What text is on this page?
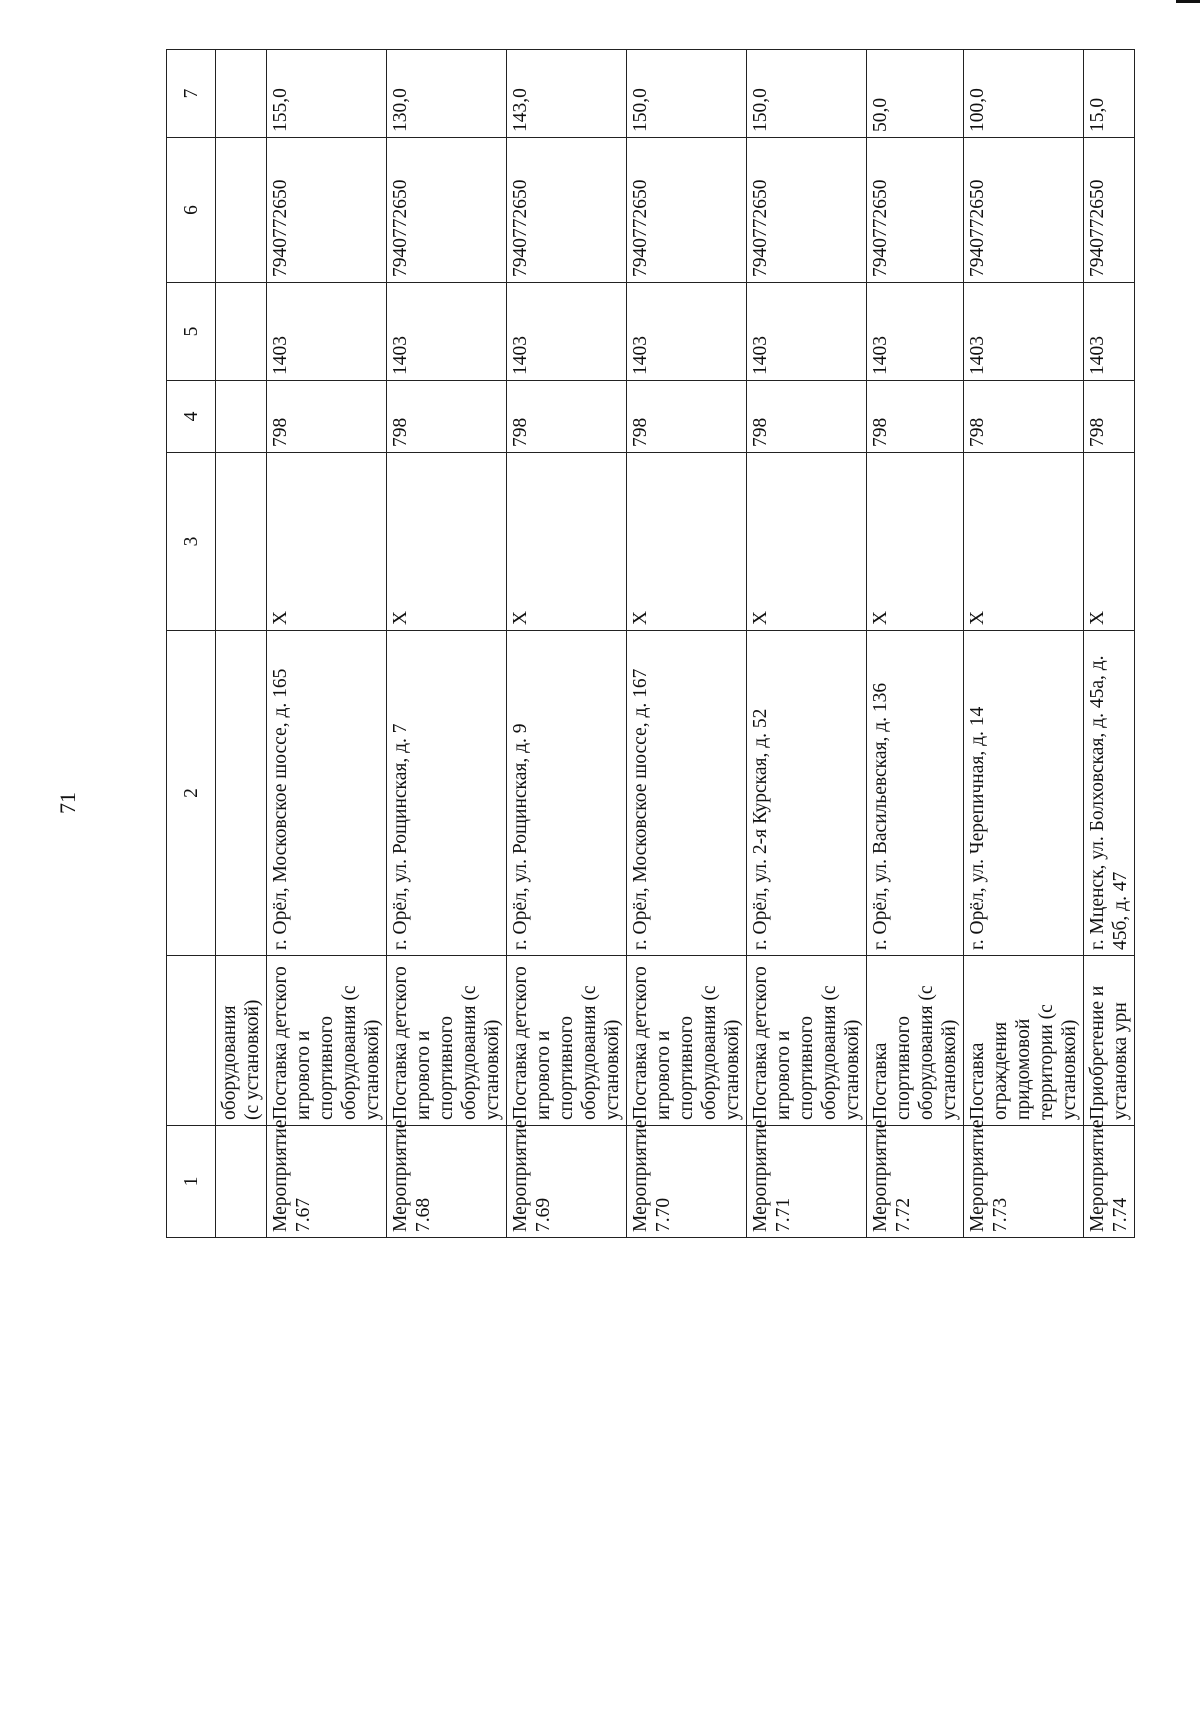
71
1		2	3	4	5	6	7
	оборудования
(с установкой)						
Мероприятие 7.67	Поставка детского игрового и спортивного оборудования (с установкой)	г. Орёл, Московское шоссе, д. 165	X	798	1403	7940772650	155,0
Мероприятие 7.68	Поставка детского игрового и спортивного оборудования (с установкой)	г. Орёл, ул. Рощинская, д. 7	X	798	1403	7940772650	130,0
Мероприятие 7.69	Поставка детского игрового и спортивного оборудования (с установкой)	г. Орёл, ул. Рощинская, д. 9	X	798	1403	7940772650	143,0
Мероприятие 7.70	Поставка детского игрового и спортивного оборудования (с установкой)	г. Орёл, Московское шоссе, д. 167	X	798	1403	7940772650	150,0
Мероприятие 7.71	Поставка детского игрового и спортивного оборудования (с установкой)	г. Орёл, ул. 2-я Курская, д. 52	X	798	1403	7940772650	150,0
Мероприятие 7.72	Поставка спортивного оборудования (с установкой)	г. Орёл, ул. Васильевская, д. 136	X	798	1403	7940772650	50,0
Мероприятие 7.73	Поставка ограждения придомовой территории (с установкой)	г. Орёл, ул. Черепичная, д. 14	X	798	1403	7940772650	100,0
Мероприятие 7.74	Приобретение и установка урн	г. Мценск, ул. Болховская, д. 45а, д. 45б, д. 47	X	798	1403	7940772650	15,0
